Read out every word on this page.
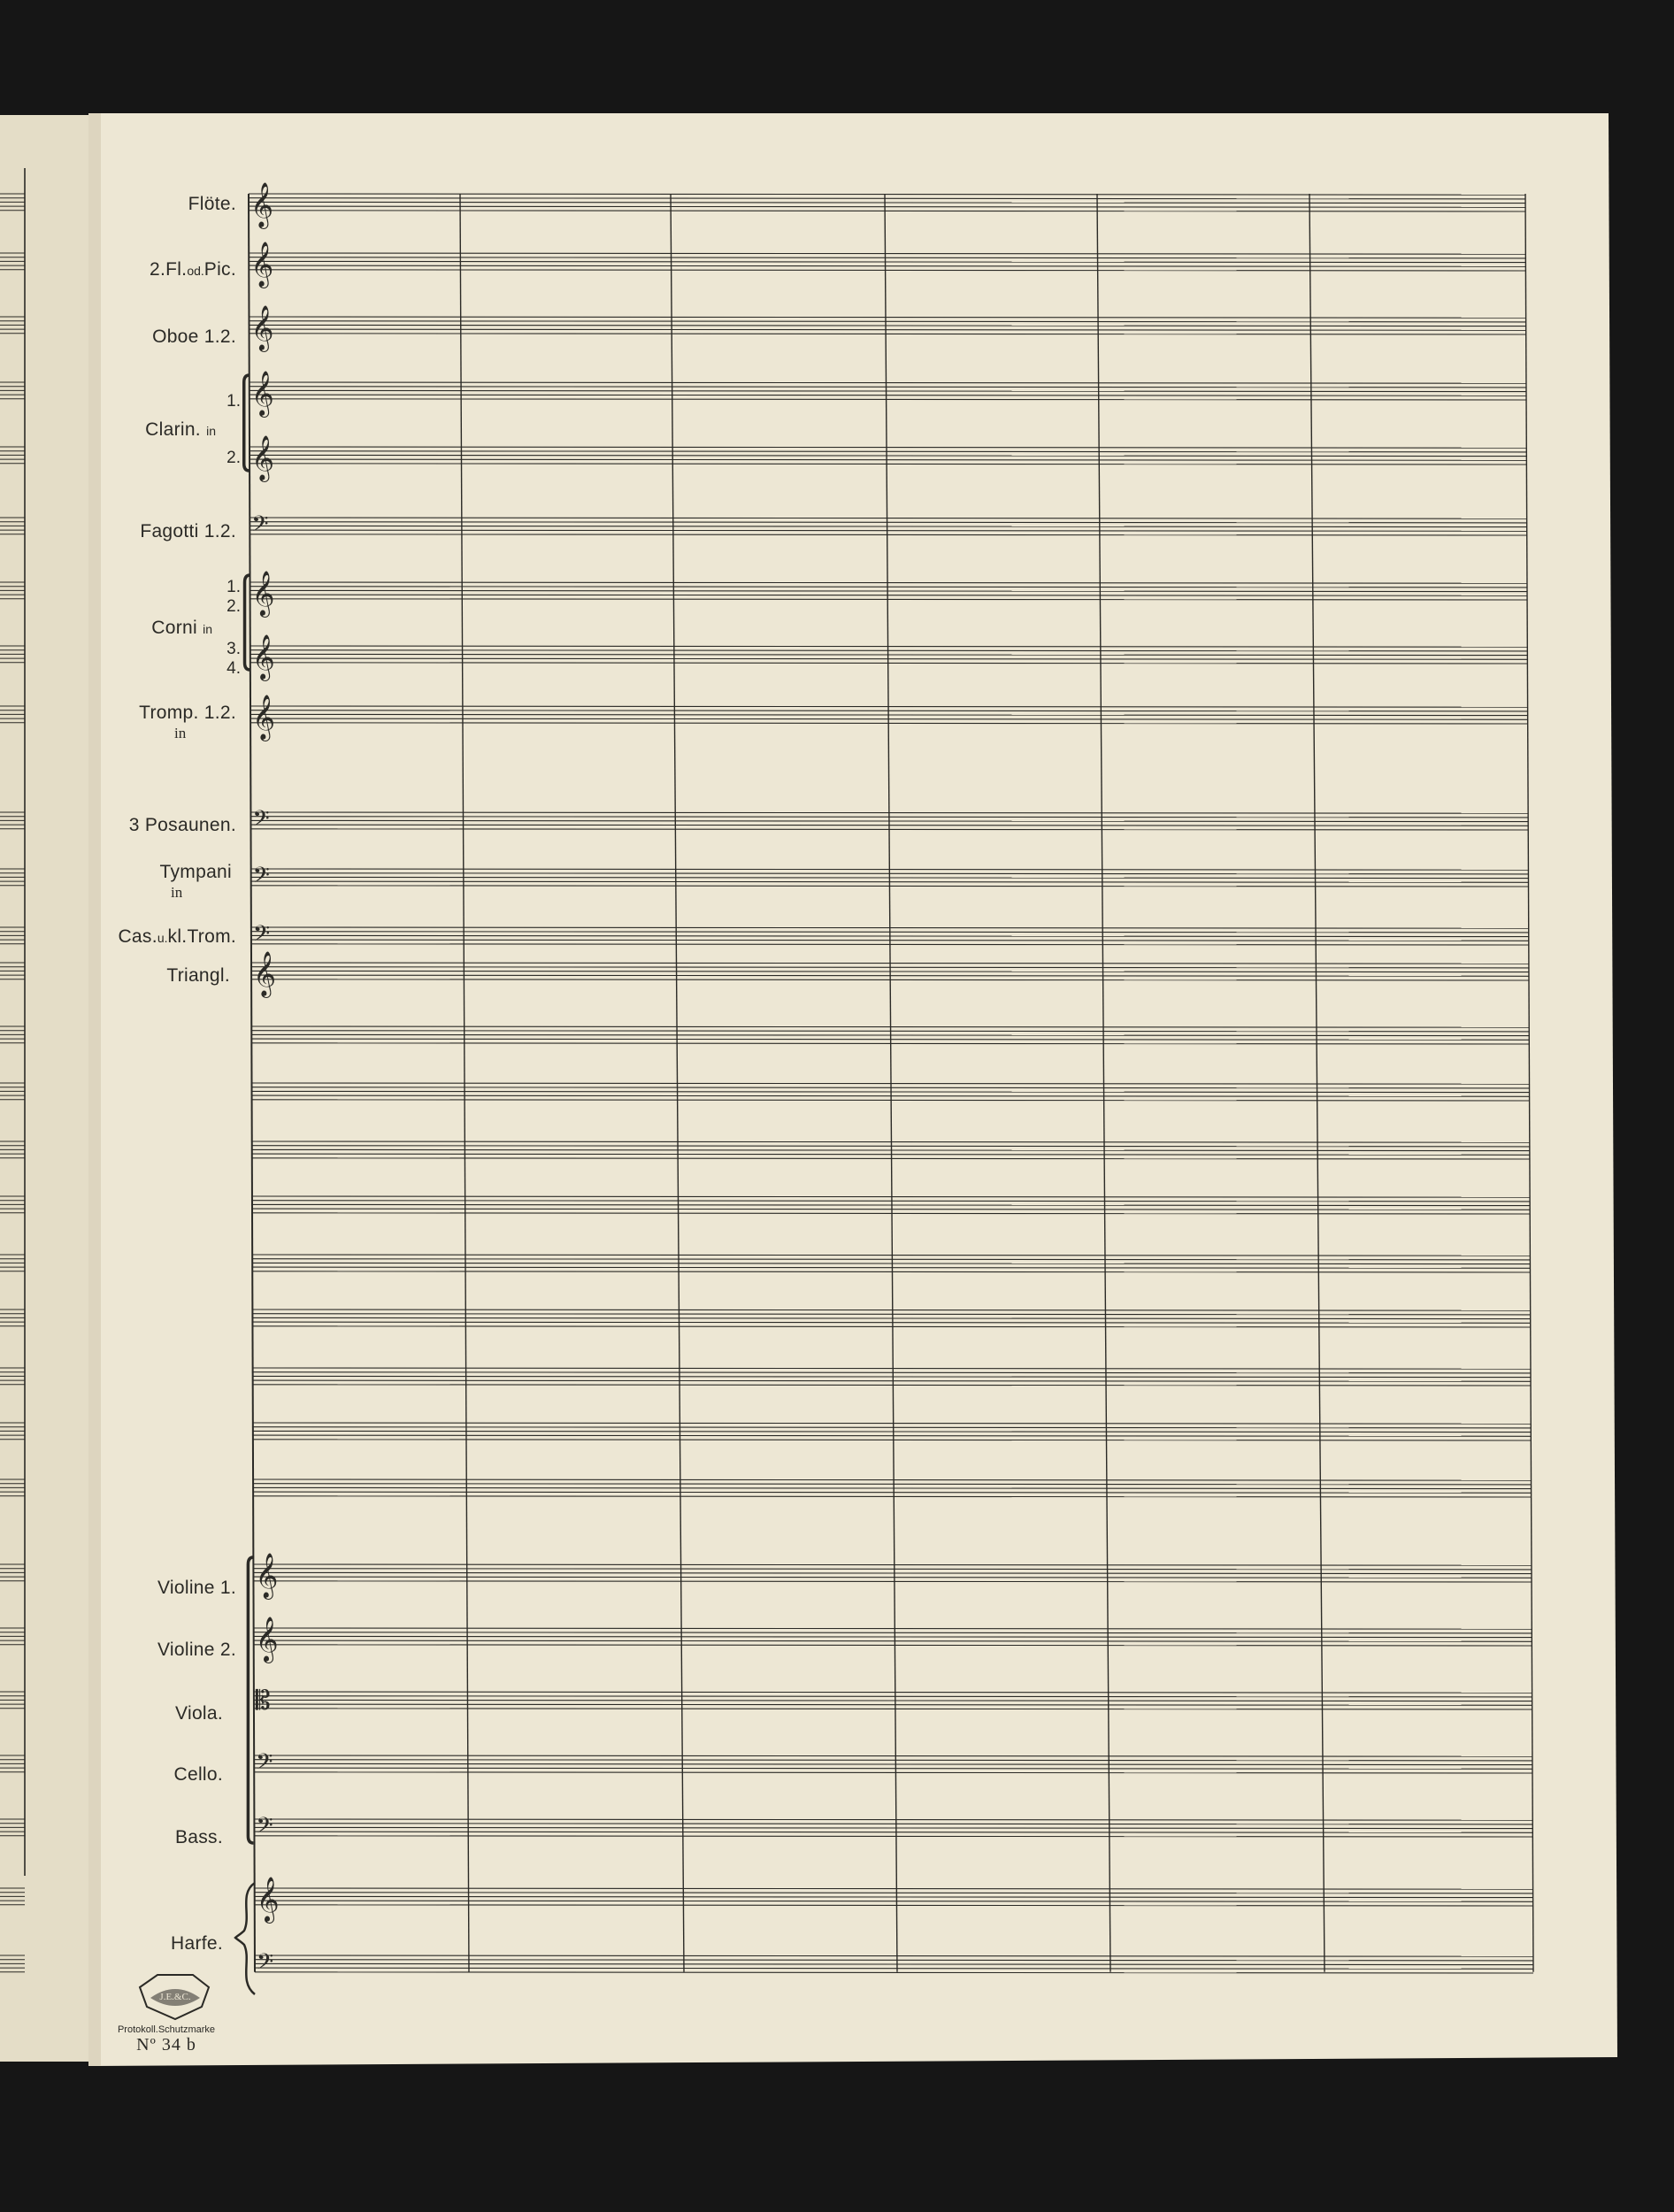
𝄞
𝄞
𝄞
𝄞
𝄞
𝄢
𝄞
𝄞
𝄞
𝄢
𝄢
𝄢
𝄞
𝄞
𝄞
𝄡
𝄢
𝄢
𝄞
𝄢
J.E.&C.
Flöte.
2.Fl.od.Pic.
Oboe 1.2.
Clarin. in
1.
2.
Fagotti 1.2.
Corni in
1.
2.
3.
4.
Tromp. 1.2.
in
3 Posaunen.
Tympani
in
Cas.u.kl.Trom.
Triangl.
Violine 1.
Violine 2.
Viola.
Cello.
Bass.
Harfe.
Protokoll.Schutzmarke
Nº 34 b
